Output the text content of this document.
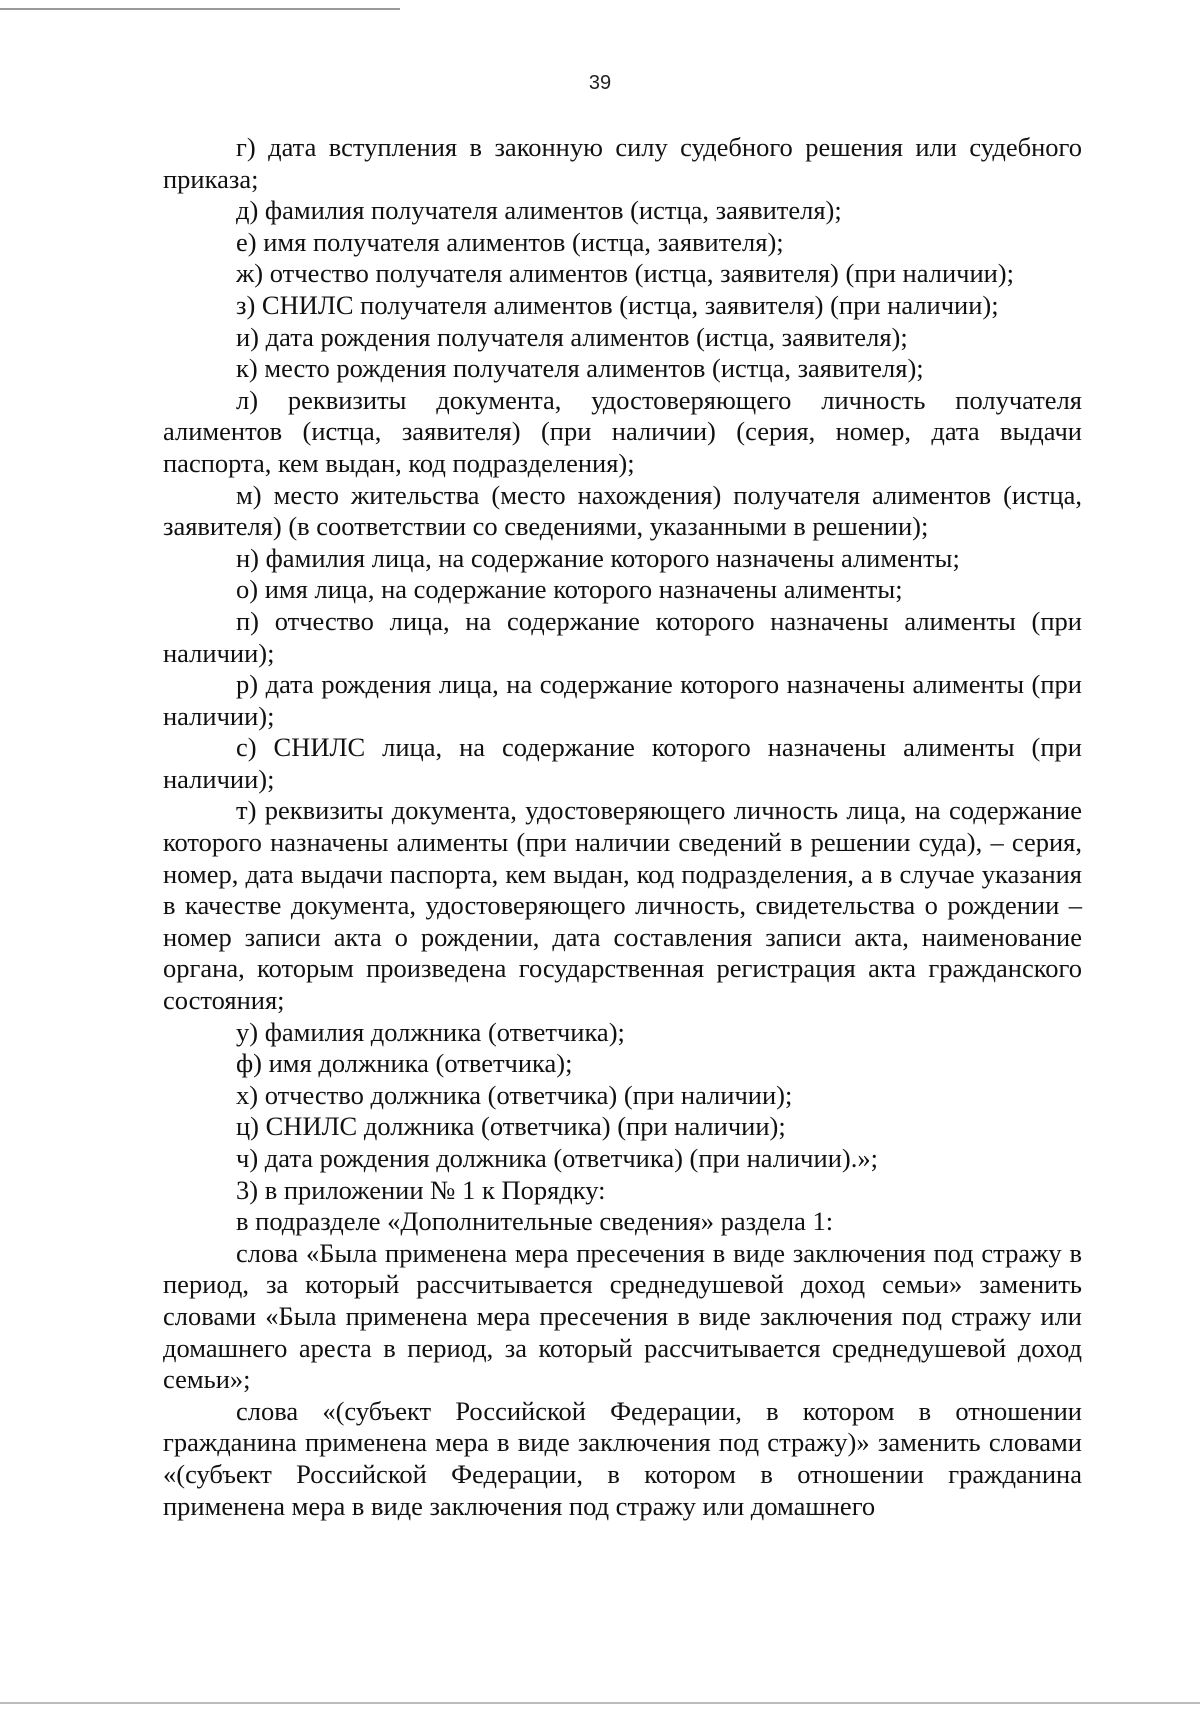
39

г) дата вступления в законную силу судебного решения или судебного приказа;

д) фамилия получателя алиментов (истца, заявителя);

е) имя получателя алиментов (истца, заявителя);

ж) отчество получателя алиментов (истца, заявителя) (при наличии);

з) СНИЛС получателя алиментов (истца, заявителя) (при наличии);

и) дата рождения получателя алиментов (истца, заявителя);

к) место рождения получателя алиментов (истца, заявителя);

л) реквизиты документа, удостоверяющего личность получателя алиментов (истца, заявителя) (при наличии) (серия, номер, дата выдачи паспорта, кем выдан, код подразделения);

м) место жительства (место нахождения) получателя алиментов (истца, заявителя) (в соответствии со сведениями, указанными в решении);

н) фамилия лица, на содержание которого назначены алименты;

о) имя лица, на содержание которого назначены алименты;

п) отчество лица, на содержание которого назначены алименты (при наличии);

р) дата рождения лица, на содержание которого назначены алименты (при наличии);

с) СНИЛС лица, на содержание которого назначены алименты (при наличии);

т) реквизиты документа, удостоверяющего личность лица, на содержание которого назначены алименты (при наличии сведений в решении суда), – серия, номер, дата выдачи паспорта, кем выдан, код подразделения, а в случае указания в качестве документа, удостоверяющего личность, свидетельства о рождении – номер записи акта о рождении, дата составления записи акта, наименование органа, которым произведена государственная регистрация акта гражданского состояния;

у) фамилия должника (ответчика);

ф) имя должника (ответчика);

х) отчество должника (ответчика) (при наличии);

ц) СНИЛС должника (ответчика) (при наличии);

ч) дата рождения должника (ответчика) (при наличии).»;

3) в приложении № 1 к Порядку:

в подразделе «Дополнительные сведения» раздела 1:

слова «Была применена мера пресечения в виде заключения под стражу в период, за который рассчитывается среднедушевой доход семьи» заменить словами «Была применена мера пресечения в виде заключения под стражу или домашнего ареста в период, за который рассчитывается среднедушевой доход семьи»;

слова «(субъект Российской Федерации, в котором в отношении гражданина применена мера в виде заключения под стражу)» заменить словами «(субъект Российской Федерации, в котором в отношении гражданина применена мера в виде заключения под стражу или домашнего
